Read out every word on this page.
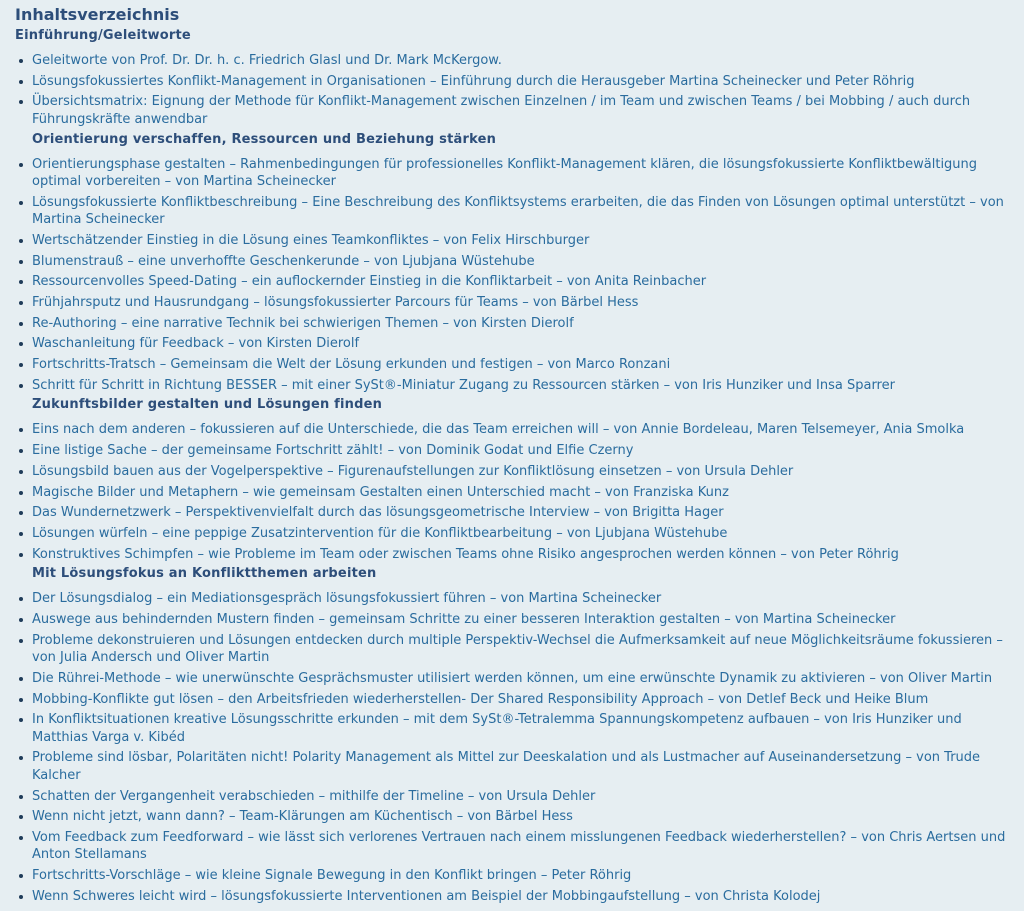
Inhaltsverzeichnis
Einführung/Geleitworte
Geleitworte von Prof. Dr. Dr. h. c. Friedrich Glasl und Dr. Mark McKergow.
Lösungsfokussiertes Konflikt-Management in Organisationen – Einführung durch die Herausgeber Martina Scheinecker und Peter Röhrig
Übersichtsmatrix: Eignung der Methode für Konflikt-Management zwischen Einzelnen / im Team und zwischen Teams / bei Mobbing / auch durch Führungskräfte anwendbar
Orientierung verschaffen, Ressourcen und Beziehung stärken
Orientierungsphase gestalten – Rahmenbedingungen für professionelles Konflikt-Management klären, die lösungsfokussierte Konfliktbewältigung optimal vorbereiten – von Martina Scheinecker
Lösungsfokussierte Konfliktbeschreibung – Eine Beschreibung des Konfliktsystems erarbeiten, die das Finden von Lösungen optimal unterstützt – von Martina Scheinecker
Wertschätzender Einstieg in die Lösung eines Teamkonfliktes – von Felix Hirschburger
Blumenstrauß – eine unverhoffte Geschenkerunde – von Ljubjana Wüstehube
Ressourcenvolles Speed-Dating – ein auflockernder Einstieg in die Konfliktarbeit – von Anita Reinbacher
Frühjahrsputz und Hausrundgang – lösungsfokussierter Parcours für Teams – von Bärbel Hess
Re-Authoring – eine narrative Technik bei schwierigen Themen – von Kirsten Dierolf
Waschanleitung für Feedback – von Kirsten Dierolf
Fortschritts-Tratsch – Gemeinsam die Welt der Lösung erkunden und festigen – von Marco Ronzani
Schritt für Schritt in Richtung BESSER – mit einer SySt®-Miniatur Zugang zu Ressourcen stärken – von Iris Hunziker und Insa Sparrer
Zukunftsbilder gestalten und Lösungen finden
Eins nach dem anderen – fokussieren auf die Unterschiede, die das Team erreichen will – von Annie Bordeleau, Maren Telsemeyer, Ania Smolka
Eine listige Sache – der gemeinsame Fortschritt zählt! – von Dominik Godat und Elfie Czerny
Lösungsbild bauen aus der Vogelperspektive – Figurenaufstellungen zur Konfliktlösung einsetzen – von Ursula Dehler
Magische Bilder und Metaphern – wie gemeinsam Gestalten einen Unterschied macht – von Franziska Kunz
Das Wundernetzwerk – Perspektivenvielfalt durch das lösungsgeometrische Interview – von Brigitta Hager
Lösungen würfeln – eine peppige Zusatzintervention für die Konfliktbearbeitung – von Ljubjana Wüstehube
Konstruktives Schimpfen – wie Probleme im Team oder zwischen Teams ohne Risiko angesprochen werden können – von Peter Röhrig
Mit Lösungsfokus an Konfliktthemen arbeiten
Der Lösungsdialog – ein Mediationsgespräch lösungsfokussiert führen – von Martina Scheinecker
Auswege aus behindernden Mustern finden – gemeinsam Schritte zu einer besseren Interaktion gestalten – von Martina Scheinecker
Probleme dekonstruieren und Lösungen entdecken durch multiple Perspektiv-Wechsel die Aufmerksamkeit auf neue Möglichkeitsräume fokussieren – von Julia Andersch und Oliver Martin
Die Rührei-Methode – wie unerwünschte Gesprächsmuster utilisiert werden können, um eine erwünschte Dynamik zu aktivieren – von Oliver Martin
Mobbing-Konflikte gut lösen – den Arbeitsfrieden wiederherstellen- Der Shared Responsibility Approach – von Detlef Beck und Heike Blum
In Konfliktsituationen kreative Lösungsschritte erkunden – mit dem SySt®-Tetralemma Spannungskompetenz aufbauen – von Iris Hunziker und Matthias Varga v. Kibéd
Probleme sind lösbar, Polaritäten nicht! Polarity Management als Mittel zur Deeskalation und als Lustmacher auf Auseinandersetzung – von Trude Kalcher
Schatten der Vergangenheit verabschieden – mithilfe der Timeline – von Ursula Dehler
Wenn nicht jetzt, wann dann? – Team-Klärungen am Küchentisch – von Bärbel Hess
Vom Feedback zum Feedforward – wie lässt sich verlorenes Vertrauen nach einem misslungenen Feedback wiederherstellen? – von Chris Aertsen und Anton Stellamans
Fortschritts-Vorschläge – wie kleine Signale Bewegung in den Konflikt bringen – Peter Röhrig
Wenn Schweres leicht wird – lösungsfokussierte Interventionen am Beispiel der Mobbingaufstellung – von Christa Kolodej
